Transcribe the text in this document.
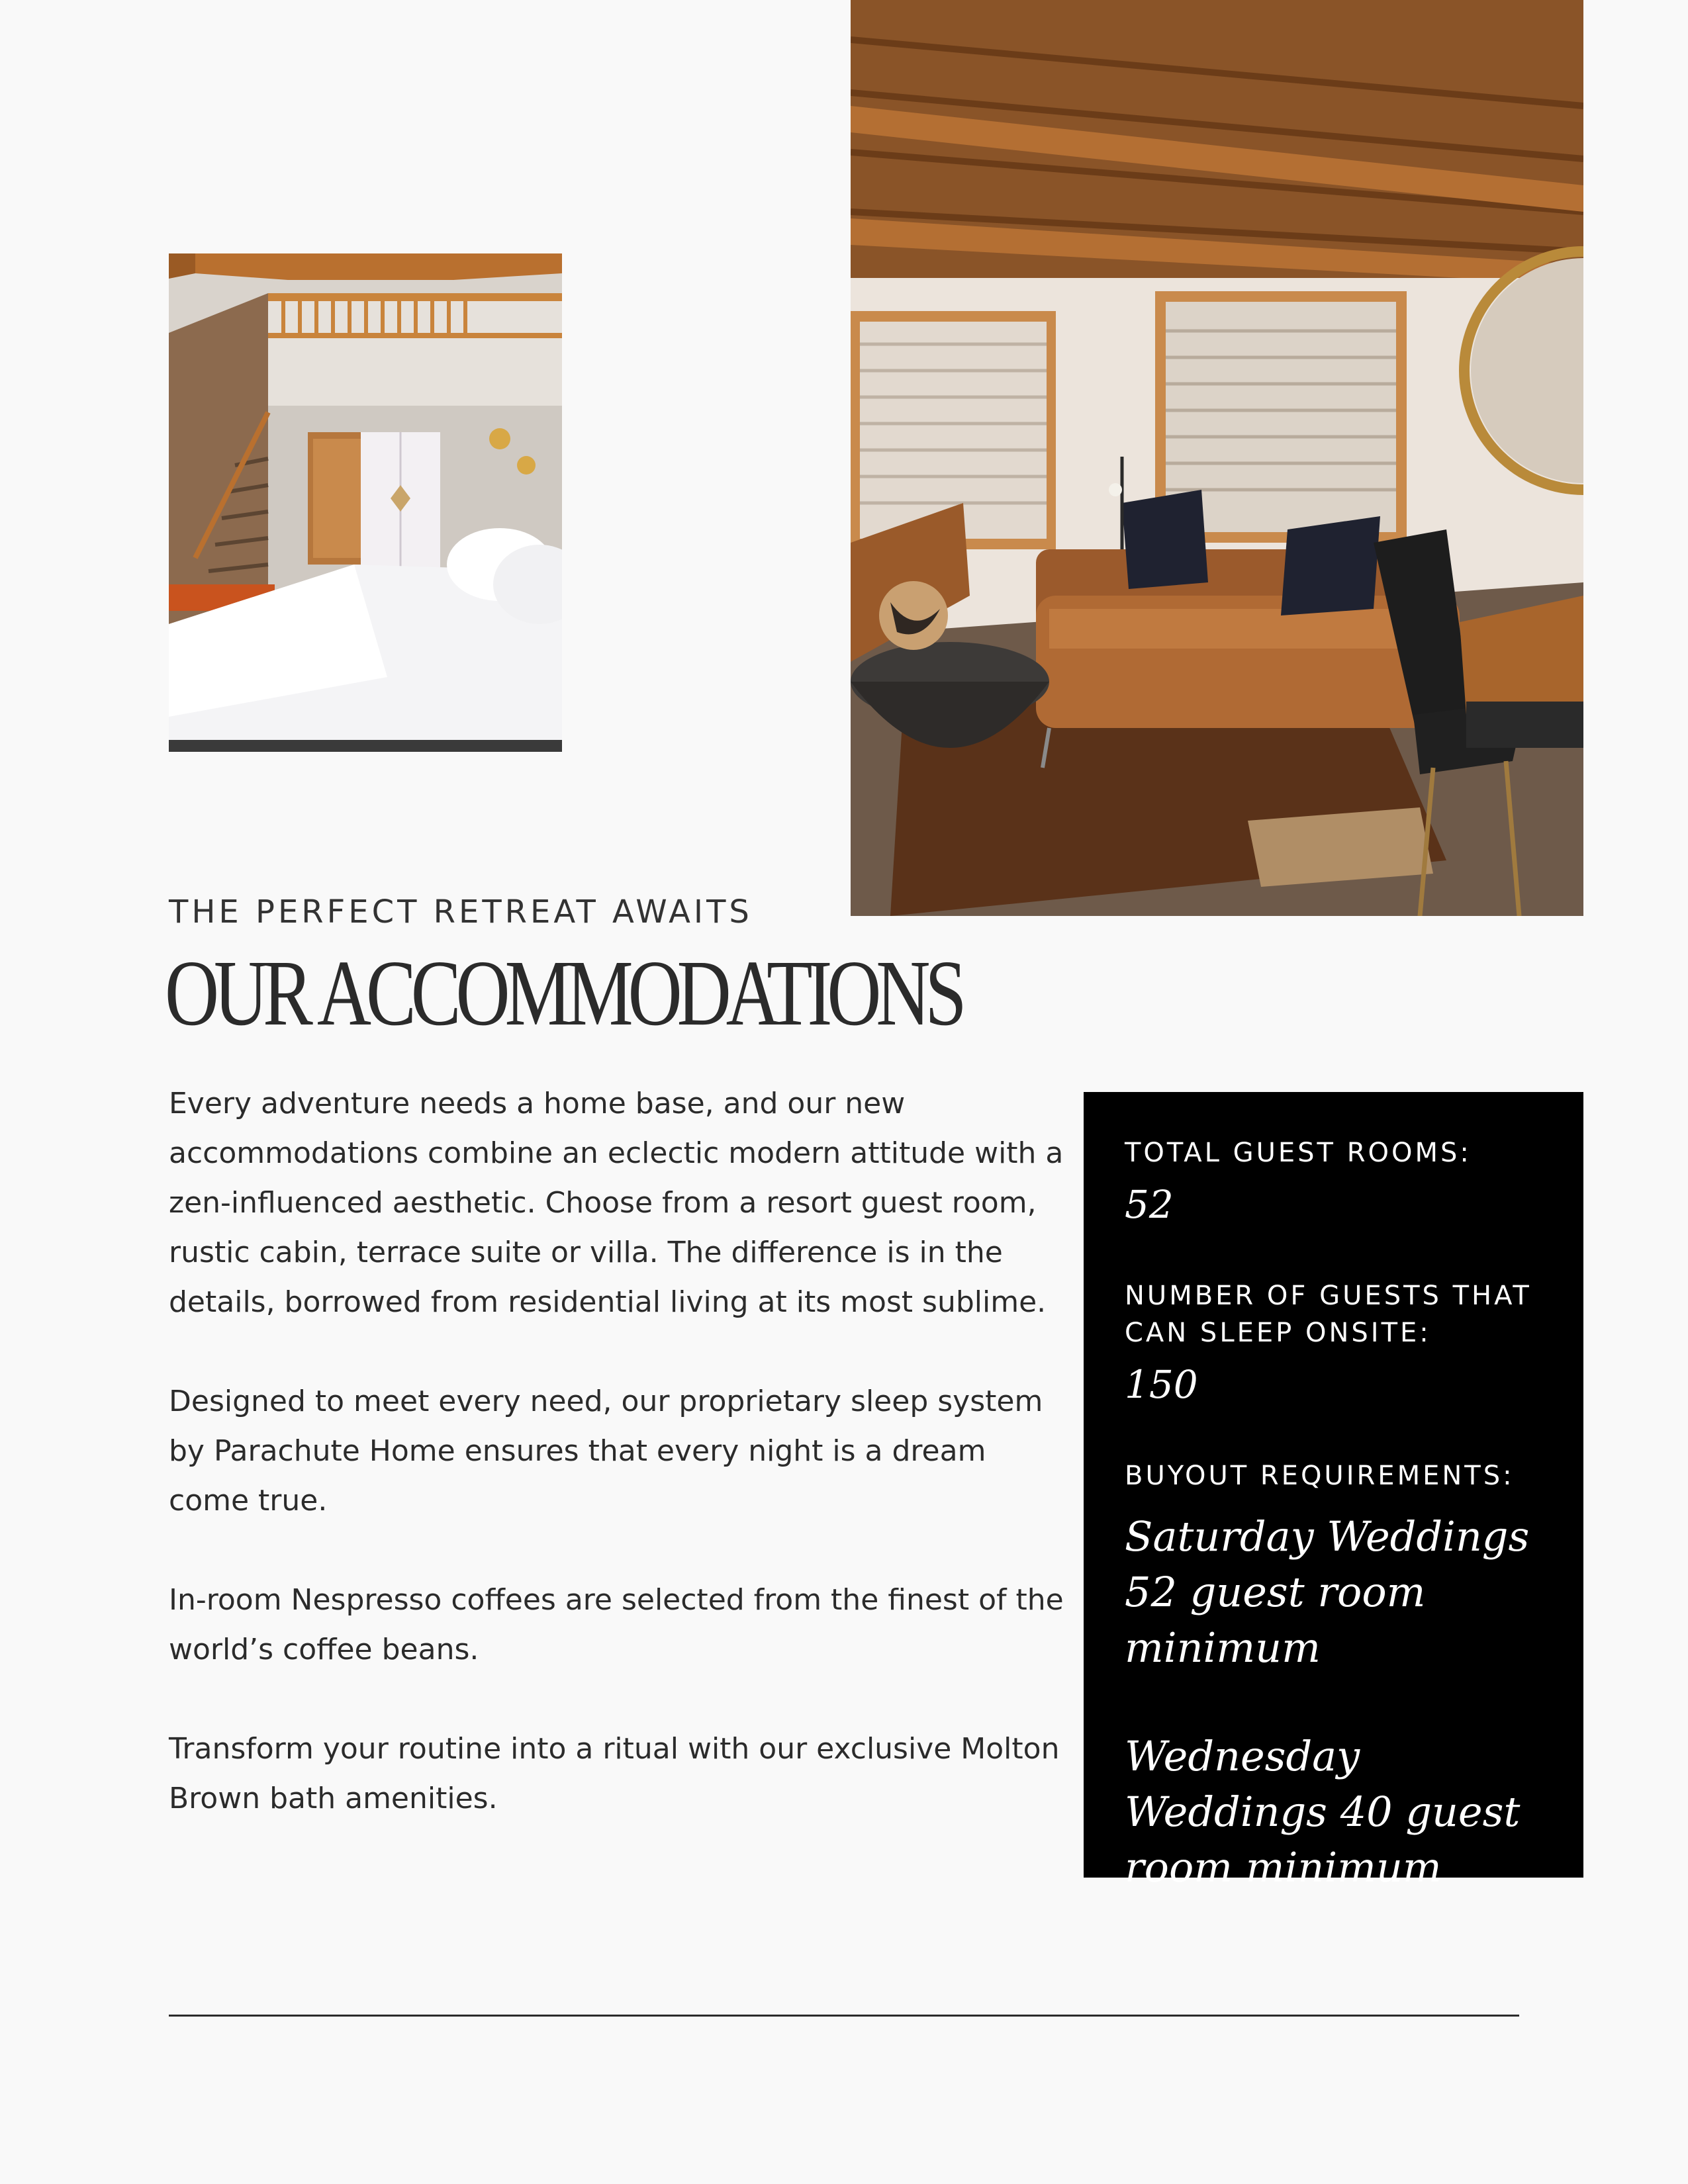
THE PERFECT RETREAT AWAITS
OUR ACCOMMODATIONS

Every adventure needs a home base, and our new accommodations combine an eclectic modern attitude with a zen-influenced aesthetic. Choose from a resort guest room, rustic cabin, terrace suite or villa. The difference is in the details, borrowed from residential living at its most sublime.

Designed to meet every need, our proprietary sleep system by Parachute Home ensures that every night is a dream come true.

In-room Nespresso coffees are selected from the finest of the world’s coffee beans.

Transform your routine into a ritual with our exclusive Molton Brown bath amenities.

TOTAL GUEST ROOMS:

52

NUMBER OF GUESTS THAT CAN SLEEP ONSITE:

150

BUYOUT REQUIREMENTS:

Saturday Weddings 52 guest room minimum

Wednesday Weddings 40 guest room minimum
